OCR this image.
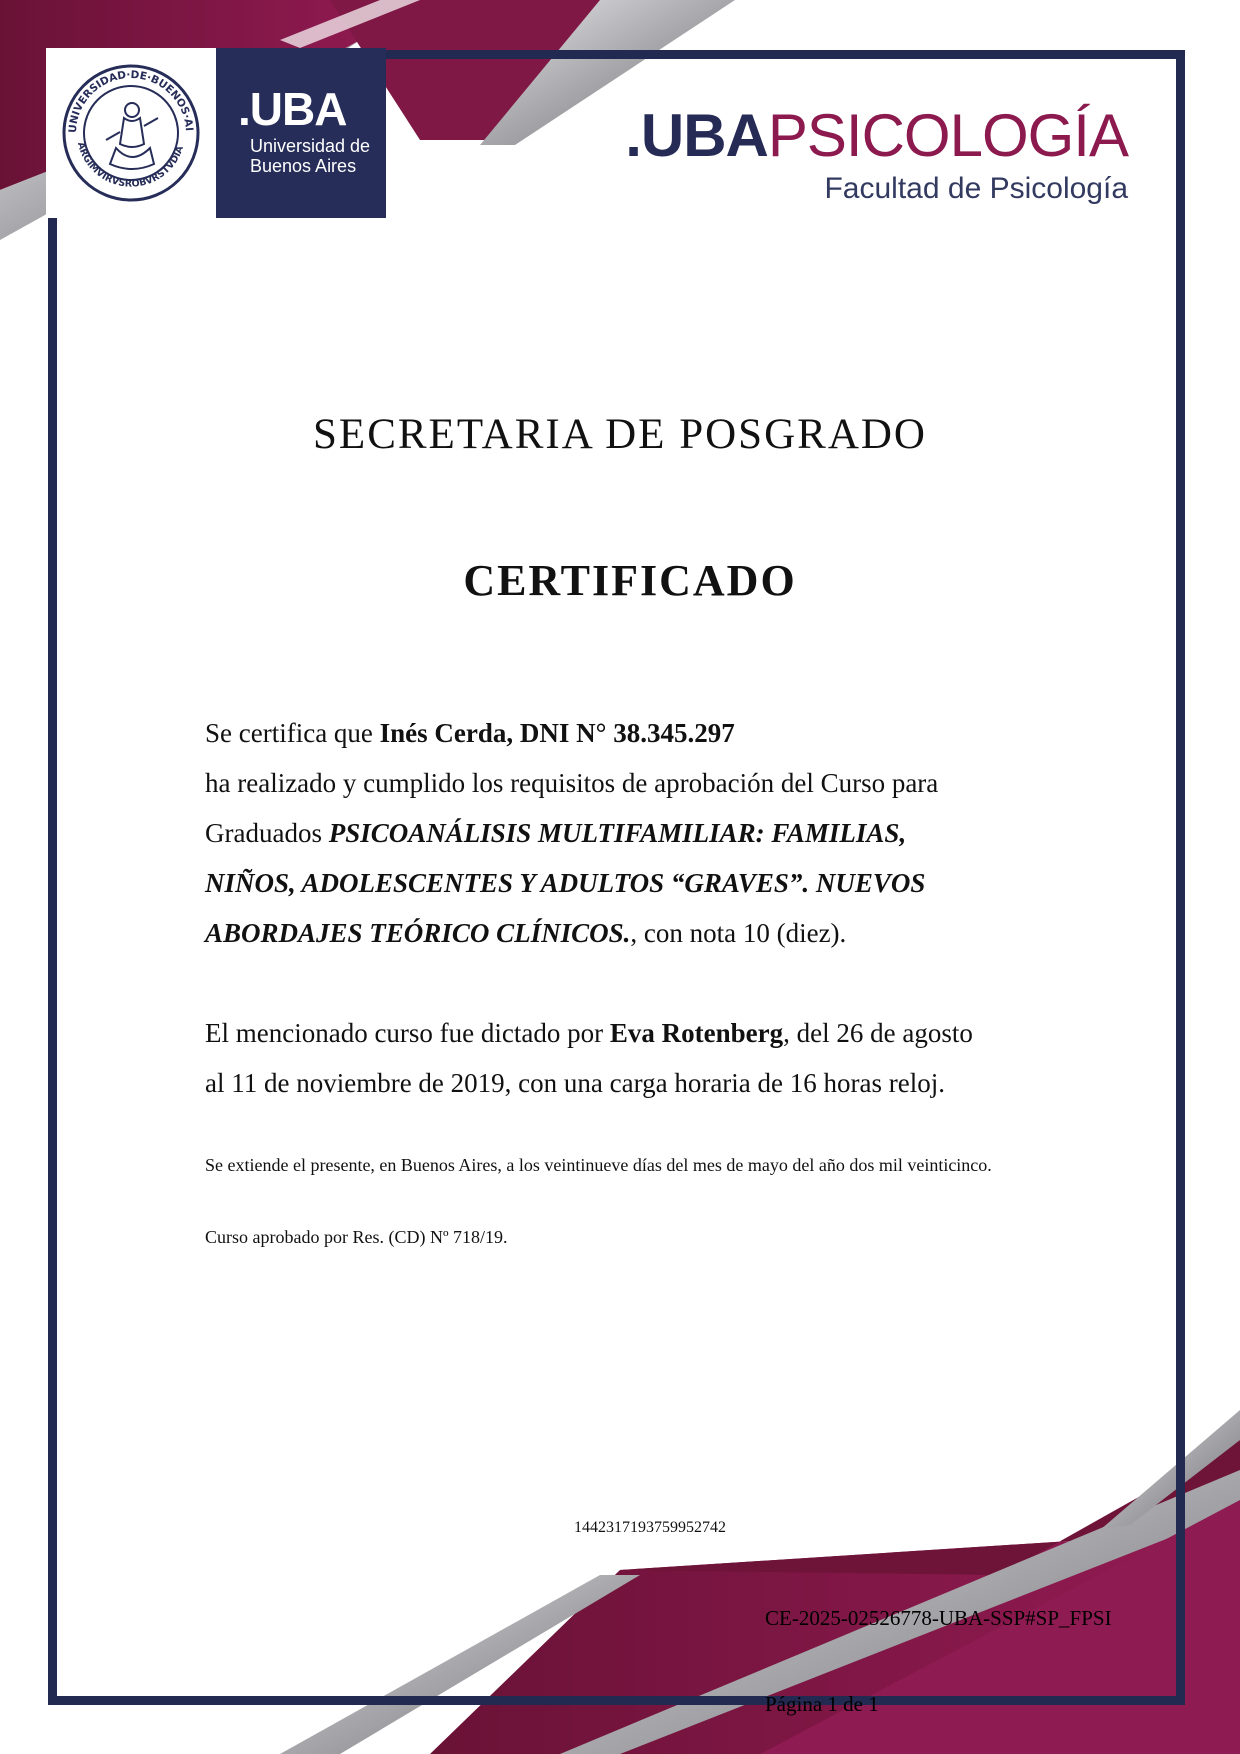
UNIVERSIDAD·DE·BUENOS·AI
ARGIMVIRVSROBVRSTVDIA
.UBA
Universidad de Buenos Aires	.UBAPSICOLOGÍA
Facultad de Psicología
SECRETARIA DE POSGRADO
CERTIFICADO

Se certifica que Inés Cerda, DNI N° 38.345.297
ha realizado y cumplido los requisitos de aprobación del Curso para
Graduados PSICOANÁLISIS MULTIFAMILIAR: FAMILIAS,
NIÑOS, ADOLESCENTES Y ADULTOS “GRAVES”. NUEVOS
ABORDAJES TEÓRICO CLÍNICOS., con nota 10 (diez).

El mencionado curso fue dictado por Eva Rotenberg, del 26 de agosto
al 11 de noviembre de 2019, con una carga horaria de 16 horas reloj.

Se extiende el presente, en Buenos Aires, a los veintinueve días del mes de mayo del año dos mil veinticinco.
Curso aprobado por Res. (CD) Nº 718/19.
1442317193759952742
CE-2025-02526778-UBA-SSP#SP_FPSI
Página 1 de 1
